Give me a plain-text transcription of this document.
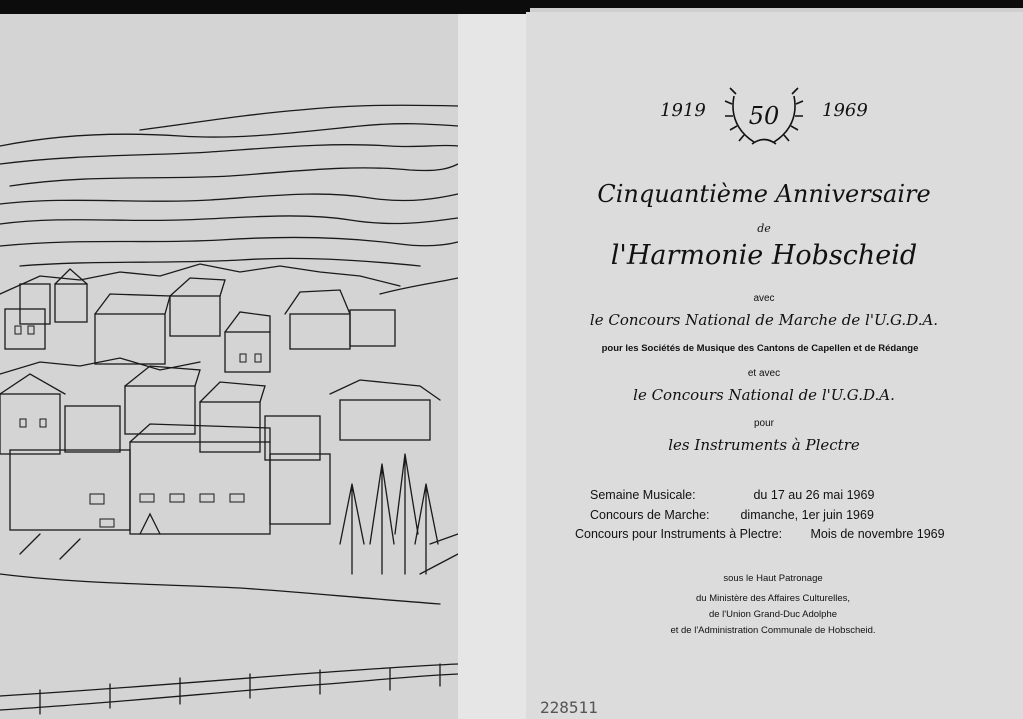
1919 50 1969
Cinquantième Anniversaire
de
l'Harmonie Hobscheid
avec
le Concours National de Marche de l'U.G.D.A.
pour les Sociétés de Musique des Cantons de Capellen et de Rédange
et avec
le Concours National de l'U.G.D.A.
pour
les Instruments à Plectre
Semaine Musicale:	du 17 au 26 mai 1969
Concours de Marche: dimanche, 1er juin 1969
Concours pour Instruments à Plectre: Mois de novembre 1969
sous le Haut Patronage
du Ministère des Affaires Culturelles,
de l'Union Grand-Duc Adolphe
et de l'Administration Communale de Hobscheid.
228511
